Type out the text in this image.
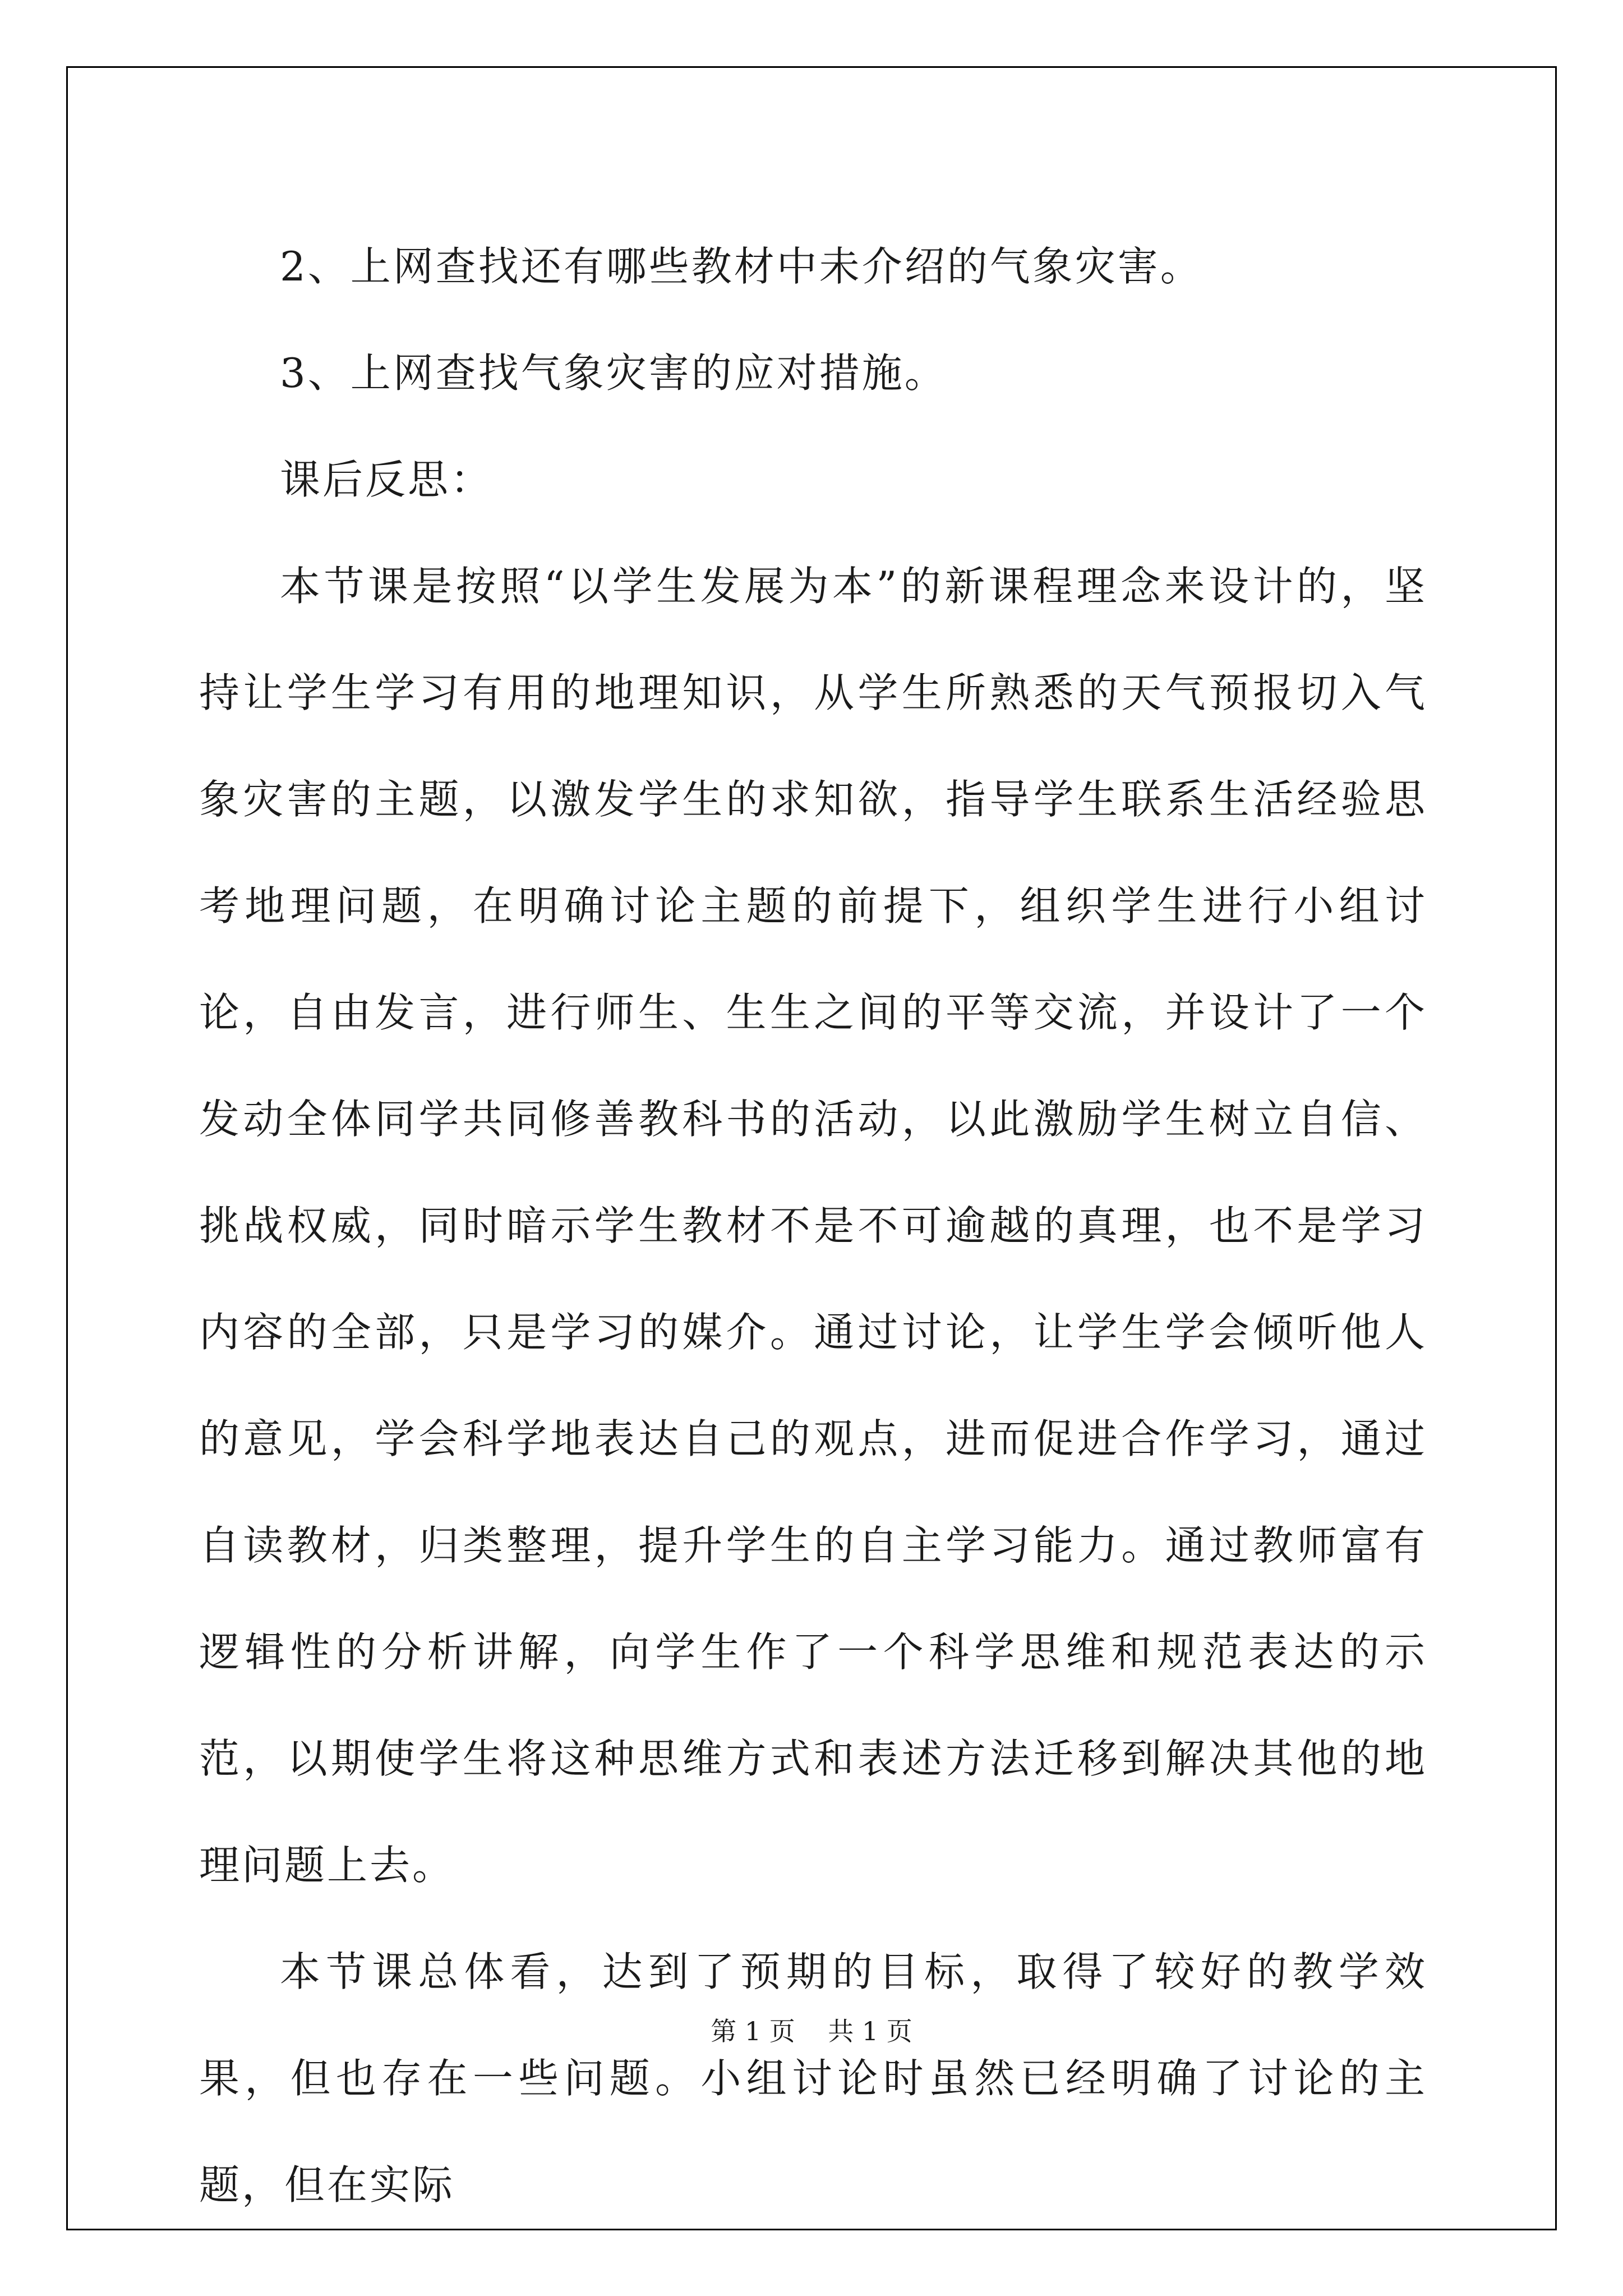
2、上网查找还有哪些教材中未介绍的气象灾害。

3、上网查找气象灾害的应对措施。

课后反思：

本节课是按照“以学生发展为本”的新课程理念来设计的，坚持让学生学习有用的地理知识，从学生所熟悉的天气预报切入气象灾害的主题，以激发学生的求知欲，指导学生联系生活经验思考地理问题，在明确讨论主题的前提下，组织学生进行小组讨论，自由发言，进行师生、生生之间的平等交流，并设计了一个发动全体同学共同修善教科书的活动，以此激励学生树立自信、挑战权威，同时暗示学生教材不是不可逾越的真理，也不是学习内容的全部，只是学习的媒介。通过讨论，让学生学会倾听他人的意见，学会科学地表达自己的观点，进而促进合作学习，通过自读教材，归类整理，提升学生的自主学习能力。通过教师富有逻辑性的分析讲解，向学生作了一个科学思维和规范表达的示范，以期使学生将这种思维方式和表述方法迁移到解决其他的地理问题上去。

本节课总体看，达到了预期的目标，取得了较好的教学效果，但也存在一些问题。小组讨论时虽然已经明确了讨论的主题，但在实际

第 1 页    共 1 页
